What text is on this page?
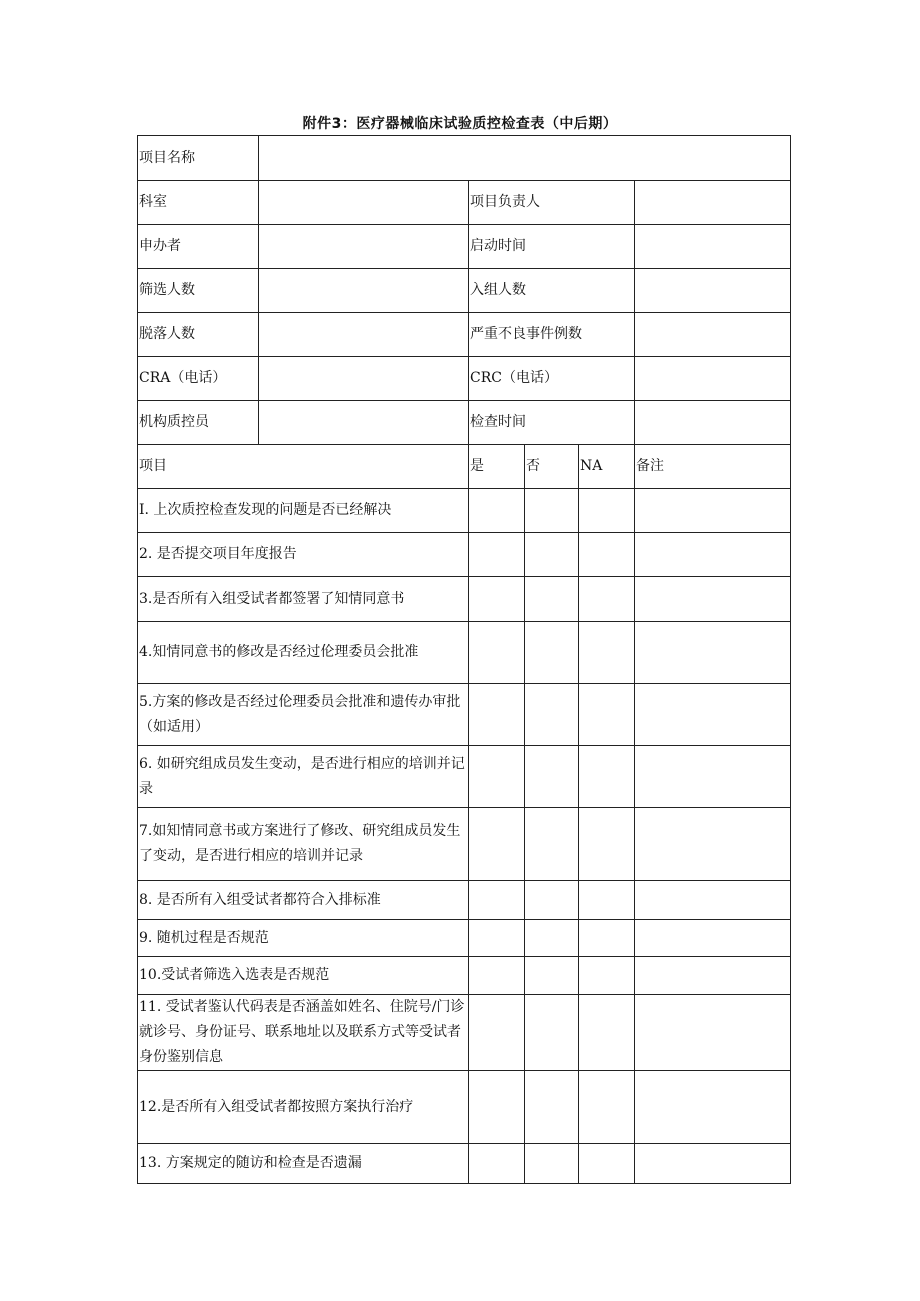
附件3：医疗器械临床试验质控检查表（中后期）
项目名称					
科室		项目负责人			
申办者		启动时间			
筛选人数		入组人数			
脱落人数		严重不良事件例数			
CRA（电话）		CRC（电话）			
机构质控员		检查时间			
项目		是	否	NA	备注
I. 上次质控检查发现的问题是否已经解决					
2. 是否提交项目年度报告					
3.是否所有入组受试者都签署了知情同意书					
4.知情同意书的修改是否经过伦理委员会批准					
5.方案的修改是否经过伦理委员会批准和遗传办审批（如适用）					
6. 如研究组成员发生变动，是否进行相应的培训并记录					
7.如知情同意书或方案进行了修改、研究组成员发生了变动，是否进行相应的培训并记录					
8. 是否所有入组受试者都符合入排标准					
9. 随机过程是否规范					
10.受试者筛选入选表是否规范					
11. 受试者鉴认代码表是否涵盖如姓名、住院号/门诊就诊号、身份证号、联系地址以及联系方式等受试者身份鉴别信息					
12.是否所有入组受试者都按照方案执行治疗					
13. 方案规定的随访和检查是否遗漏					
